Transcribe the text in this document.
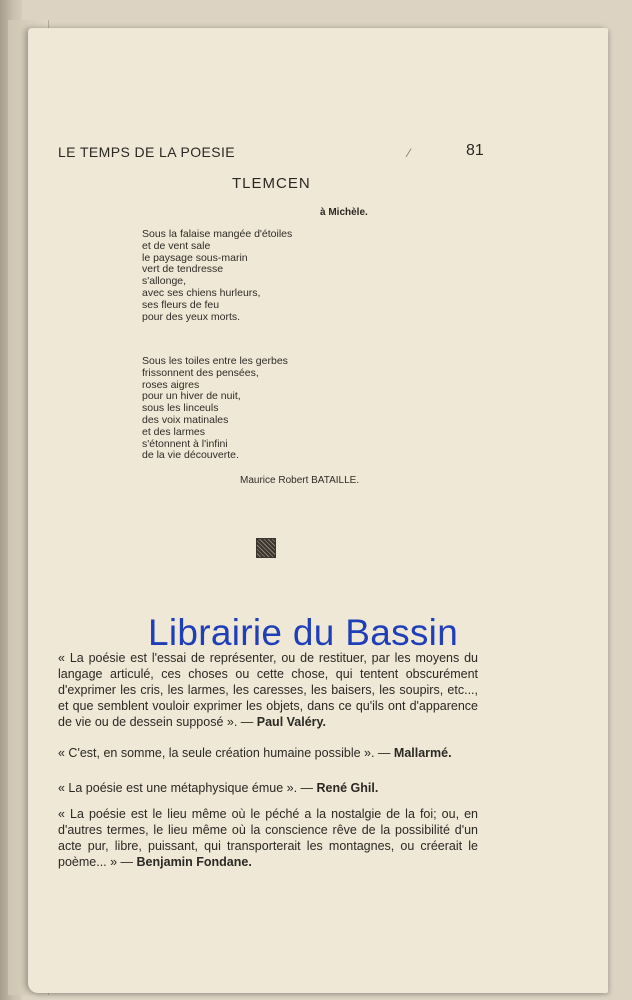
LE TEMPS DE LA POESIE	⁄	81
TLEMCEN
à Michèle.
Sous la falaise mangée d'étoiles
et de vent sale
le paysage sous-marin
vert de tendresse
s'allonge,
avec ses chiens hurleurs,
ses fleurs de feu
pour des yeux morts.
Sous les toiles entre les gerbes
frissonnent des pensées,
roses aigres
pour un hiver de nuit,
sous les linceuls
des voix matinales
et des larmes
s'étonnent à l'infini
de la vie découverte.
Maurice Robert BATAILLE.
Librairie du Bassin
« La poésie est l'essai de représenter, ou de restituer, par les moyens du langage articulé, ces choses ou cette chose, qui tentent obscurément d'exprimer les cris, les larmes, les caresses, les baisers, les soupirs, etc..., et que semblent vouloir exprimer les objets, dans ce qu'ils ont d'apparence de vie ou de dessein supposé ». — Paul Valéry.
« C'est, en somme, la seule création humaine possible ». — Mallarmé.
« La poésie est une métaphysique émue ». — René Ghil.
« La poésie est le lieu même où le péché a la nostalgie de la foi; ou, en d'autres termes, le lieu même où la conscience rêve de la possibilité d'un acte pur, libre, puissant, qui transporterait les montagnes, ou créerait le poème... » — Benjamin Fondane.
